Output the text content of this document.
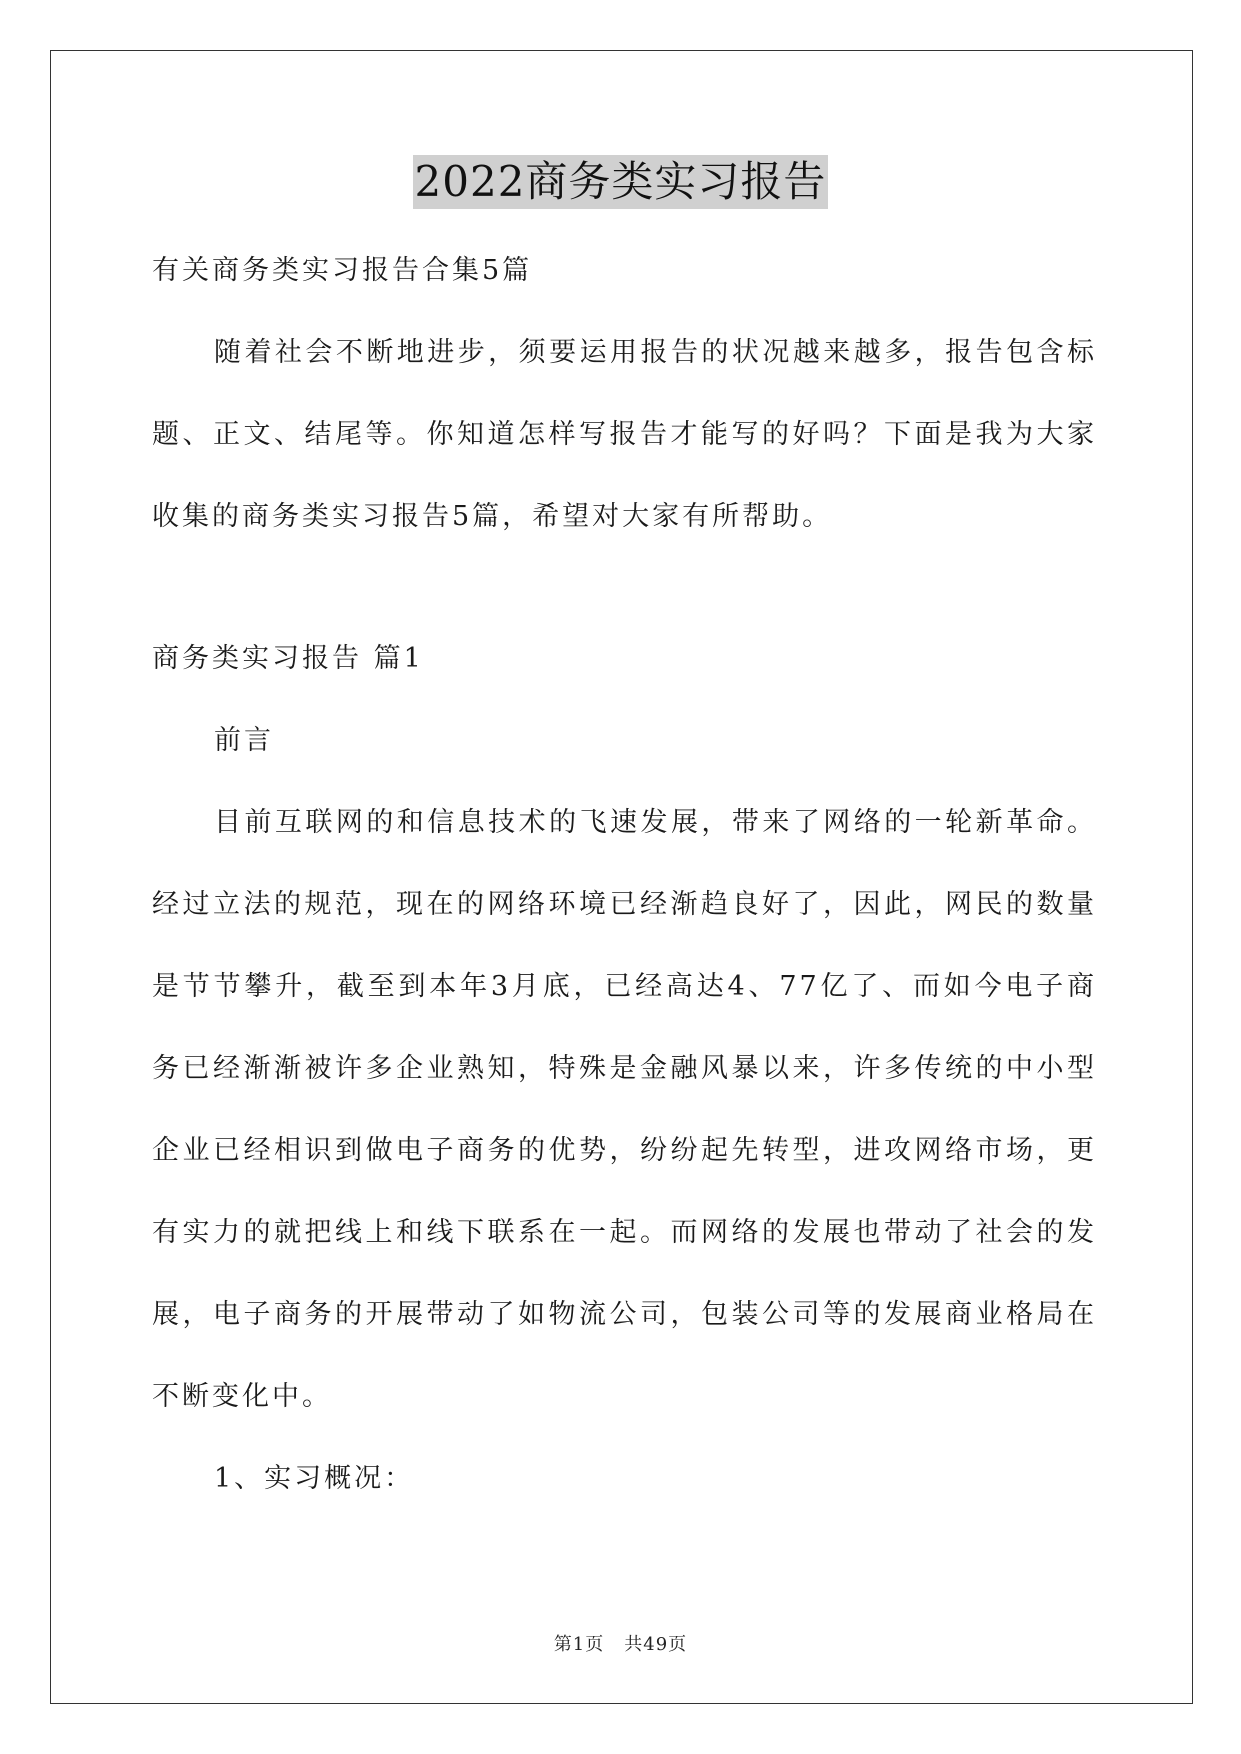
2022商务类实习报告

有关商务类实习报告合集5篇

随着社会不断地进步，须要运用报告的状况越来越多，报告包含标题、正文、结尾等。你知道怎样写报告才能写的好吗？下面是我为大家收集的商务类实习报告5篇，希望对大家有所帮助。

商务类实习报告 篇1

前言

目前互联网的和信息技术的飞速发展，带来了网络的一轮新革命。经过立法的规范，现在的网络环境已经渐趋良好了，因此，网民的数量是节节攀升，截至到本年3月底，已经高达4、77亿了、而如今电子商务已经渐渐被许多企业熟知，特殊是金融风暴以来，许多传统的中小型企业已经相识到做电子商务的优势，纷纷起先转型，进攻网络市场，更有实力的就把线上和线下联系在一起。而网络的发展也带动了社会的发展，电子商务的开展带动了如物流公司，包装公司等的发展商业格局在不断变化中。

1、实习概况：

第1页 共49页
